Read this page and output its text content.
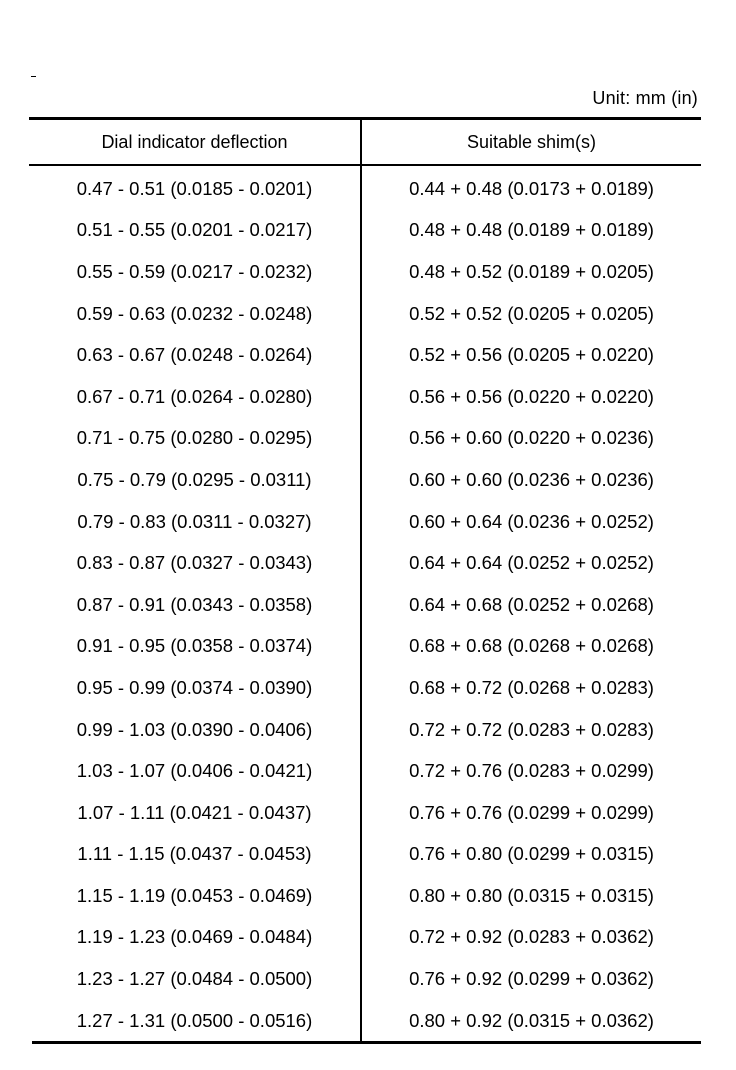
Unit: mm (in)
Dial indicator deflection
0.47 - 0.51 (0.0185 - 0.0201)
0.51 - 0.55 (0.0201 - 0.0217)
0.55 - 0.59 (0.0217 - 0.0232)
0.59 - 0.63 (0.0232 - 0.0248)
0.63 - 0.67 (0.0248 - 0.0264)
0.67 - 0.71 (0.0264 - 0.0280)
0.71 - 0.75 (0.0280 - 0.0295)
0.75 - 0.79 (0.0295 - 0.0311)
0.79 - 0.83 (0.0311 - 0.0327)
0.83 - 0.87 (0.0327 - 0.0343)
0.87 - 0.91 (0.0343 - 0.0358)
0.91 - 0.95 (0.0358 - 0.0374)
0.95 - 0.99 (0.0374 - 0.0390)
0.99 - 1.03 (0.0390 - 0.0406)
1.03 - 1.07 (0.0406 - 0.0421)
1.07 - 1.11 (0.0421 - 0.0437)
1.11 - 1.15 (0.0437 - 0.0453)
1.15 - 1.19 (0.0453 - 0.0469)
1.19 - 1.23 (0.0469 - 0.0484)
1.23 - 1.27 (0.0484 - 0.0500)
1.27 - 1.31 (0.0500 - 0.0516)
Suitable shim(s)
0.44 + 0.48 (0.0173 + 0.0189)
0.48 + 0.48 (0.0189 + 0.0189)
0.48 + 0.52 (0.0189 + 0.0205)
0.52 + 0.52 (0.0205 + 0.0205)
0.52 + 0.56 (0.0205 + 0.0220)
0.56 + 0.56 (0.0220 + 0.0220)
0.56 + 0.60 (0.0220 + 0.0236)
0.60 + 0.60 (0.0236 + 0.0236)
0.60 + 0.64 (0.0236 + 0.0252)
0.64 + 0.64 (0.0252 + 0.0252)
0.64 + 0.68 (0.0252 + 0.0268)
0.68 + 0.68 (0.0268 + 0.0268)
0.68 + 0.72 (0.0268 + 0.0283)
0.72 + 0.72 (0.0283 + 0.0283)
0.72 + 0.76 (0.0283 + 0.0299)
0.76 + 0.76 (0.0299 + 0.0299)
0.76 + 0.80 (0.0299 + 0.0315)
0.80 + 0.80 (0.0315 + 0.0315)
0.72 + 0.92 (0.0283 + 0.0362)
0.76 + 0.92 (0.0299 + 0.0362)
0.80 + 0.92 (0.0315 + 0.0362)
